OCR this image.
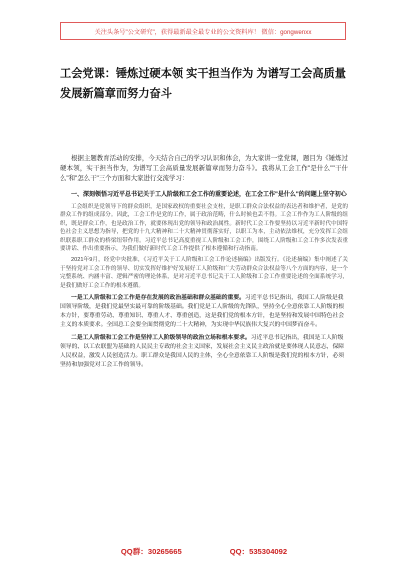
关注头条号"公文研究"，获得最新最全最专业的公文资料库！ 微信：gongwenxx
工会党课：锤炼过硬本领 实干担当作为 为谱写工会高质量发展新篇章而努力奋斗

根据主题教育活动的安排，今天结合自己的学习认识和体会，为大家讲一堂党课，题目为《锤炼过硬本领，实干担当作为，为谱写工会高质量发展新篇章而努力奋斗》。我将从工会工作"是什么""干什么"和"怎么干"三个方面和大家进行交流学习：

一、深刻领悟习近平总书记关于工人阶级和工会工作的重要论述，在工会工作"是什么"的问题上坚守初心

工会组织是党领导下的群众组织，是国家政权的重要社会支柱，是职工群众合法权益的表达者和维护者，是党的群众工作的组成部分。因此，工会工作是党的工作，属于政治范畴，什么时候也丢不得。工会工作作为工人阶级的组织，既是群众工作，也是政治工作，就要体现出党的领导和政治属性。新时代工会工作要坚持以习近平新时代中国特色社会主义思想为指导，把党的十九大精神和二十大精神贯彻落实好，以职工为本，主动依法维权，充分发挥工会组织联系职工群众的桥梁纽带作用。习近平总书记高度重视工人阶级和工会工作，围绕工人阶级和工会工作多次发表重要讲话、作出重要指示，为我们做好新时代工会工作提供了根本遵循和行动指南。

2021年9月，经党中央批准，《习近平关于工人阶级和工会工作论述摘编》出版发行。《论述摘编》集中阐述了关于坚持党对工会工作的领导、切实发挥好维护好发展好工人阶级和广大劳动群众合法权益等八个方面的内容，是一个完整系统、内涵丰富、逻辑严密的理论体系，是对习近平总书记关于工人阶级和工会工作重要论述的全面系统学习，是我们做好工会工作的根本遵循。

一是工人阶级和工会工作是存在发展的政治基础和群众基础的重要。习近平总书记指出，我国工人阶级是我国领导阶级，是我们党最坚实最可靠的阶级基础。我们党是工人阶级的先锋队，坚持全心全意依靠工人阶级的根本方针，要尊重劳动、尊重知识、尊重人才、尊重创造，这是我们党的根本方针，也是坚持和发展中国特色社会主义的本质要求。全国总工会要全面贯彻党的二十大精神，为实现中华民族伟大复兴的中国梦而奋斗。

二是工人阶级和工会工作是坚持工人阶级领导的政治立场和根本要求。习近平总书记指出，我国是工人阶级领导的、以工农联盟为基础的人民民主专政的社会主义国家，发展社会主义民主政治就是要体现人民意志，保障人民权益，激发人民创造活力。职工群众是我国人民的主体，全心全意依靠工人阶级是我们党的根本方针，必须坚持和加强党对工会工作的领导。

QQ群：30265665	QQ：535304092
